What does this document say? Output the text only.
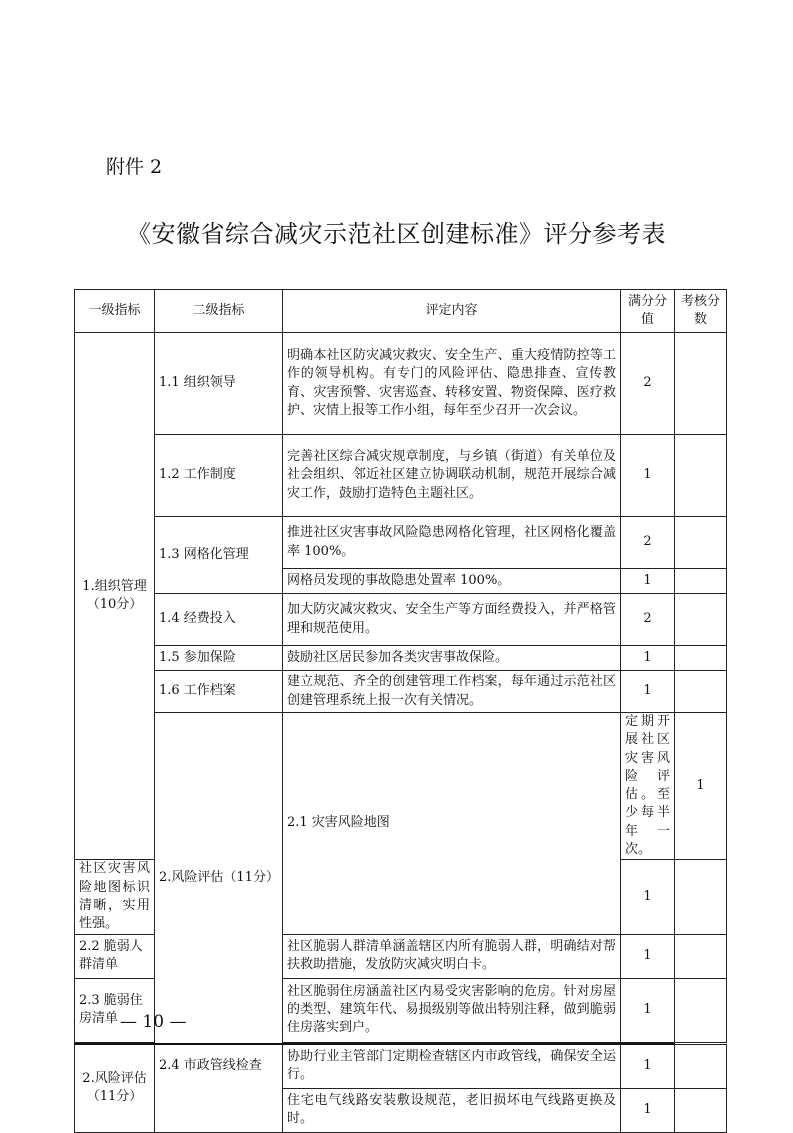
附件 2
《安徽省综合减灾示范社区创建标准》评分参考表
一级指标	二级指标	评定内容	满分分值	考核分数	
1.组织管理（10分）	1.1 组织领导	明确本社区防灾减灾救灾、安全生产、重大疫情防控等工作的领导机构。有专门的风险评估、隐患排查、宣传教育、灾害预警、灾害巡查、转移安置、物资保障、医疗救护、灾情上报等工作小组，每年至少召开一次会议。	2		
	1.2 工作制度	完善社区综合减灾规章制度，与乡镇（街道）有关单位及社会组织、邻近社区建立协调联动机制，规范开展综合减灾工作，鼓励打造特色主题社区。	1		
	1.3 网格化管理	推进社区灾害事故风险隐患网格化管理，社区网格化覆盖率 100%。	2		
		网格员发现的事故隐患处置率 100%。	1		
	1.4 经费投入	加大防灾减灾救灾、安全生产等方面经费投入，并严格管理和规范使用。	2		
	1.5 参加保险	鼓励社区居民参加各类灾害事故保险。	1		
	1.6 工作档案	建立规范、齐全的创建管理工作档案，每年通过示范社区创建管理系统上报一次有关情况。	1		
	2.风险评估（11分）	2.1 灾害风险地图	定期开展社区灾害风险评估。至少每半年一次。	1	
社区灾害风险地图标识清晰，实用性强。			1		
2.2 脆弱人群清单		社区脆弱人群清单涵盖辖区内所有脆弱人群，明确结对帮扶救助措施，发放防灾减灾明白卡。	1		
2.3 脆弱住房清单		社区脆弱住房涵盖社区内易受灾害影响的危房。针对房屋的类型、建筑年代、易损级别等做出特别注释，做到脆弱住房落实到户。	1		

2.风险评估（11分）	2.4 市政管线检查	协助行业主管部门定期检查辖区内市政管线，确保安全运行。	1		
		住宅电气线路安装敷设规范，老旧损坏电气线路更换及时。	1		
— 10 —
